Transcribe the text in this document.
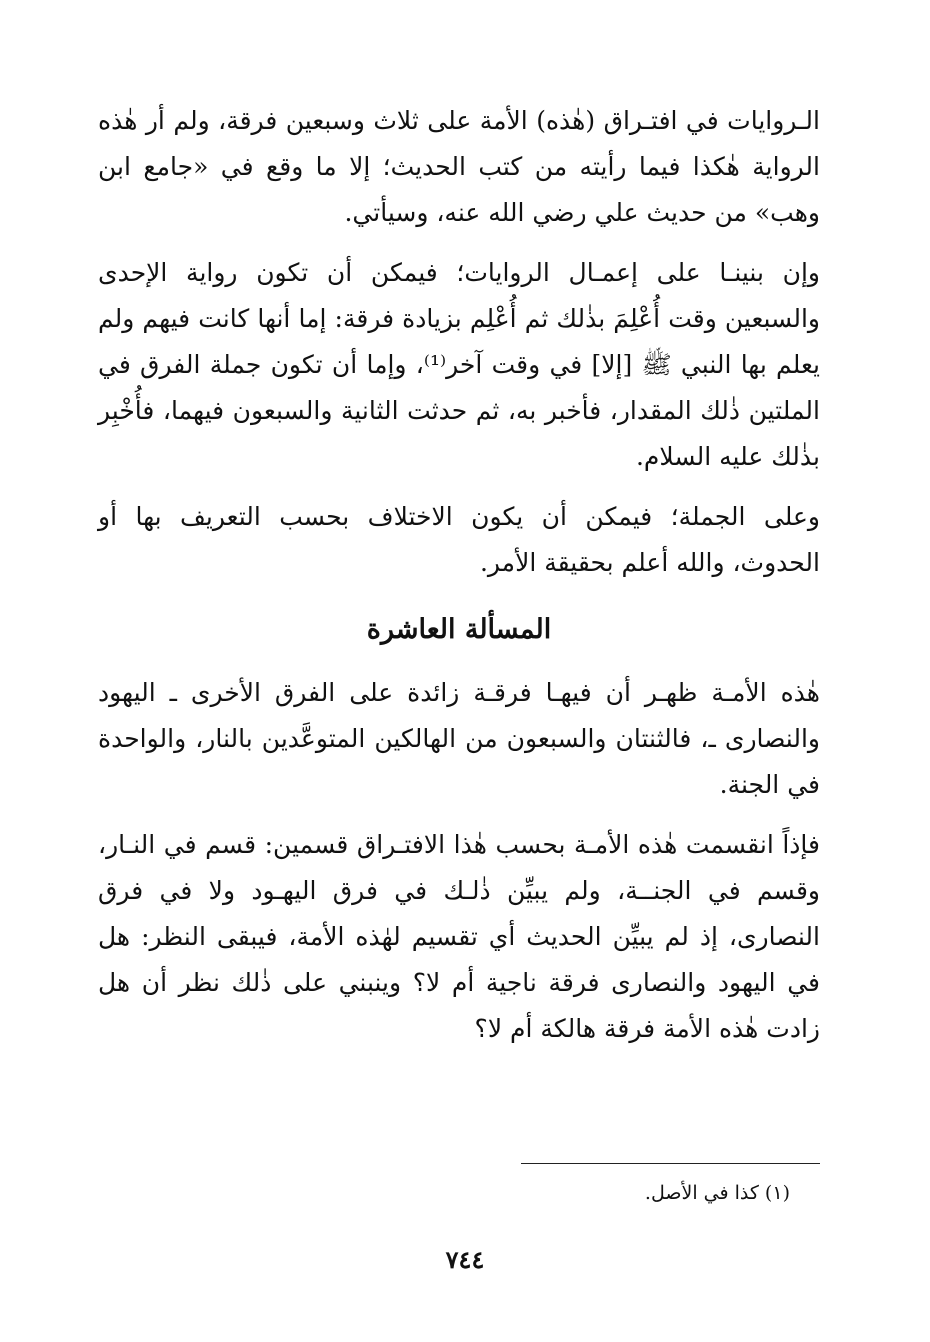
الـروايات في افتـراق (هٰذه) الأمة على ثلاث وسبعين فرقة، ولم أر هٰذه الرواية هٰكذا فيما رأيته من كتب الحديث؛ إلا ما وقع في «جامع ابن وهب» من حديث علي رضي الله عنه، وسيأتي.

وإن بنينـا على إعمـال الروايات؛ فيمكن أن تكون رواية الإحدى والسبعين وقت أُعْلِمَ بذٰلك ثم أُعْلِم بزيادة فرقة: إما أنها كانت فيهم ولم يعلم بها النبي ﷺ [إلا] في وقت آخر⁽¹⁾، وإما أن تكون جملة الفرق في الملتين ذٰلك المقدار، فأخبر به، ثم حدثت الثانية والسبعون فيهما، فأُخْبِر بذٰلك عليه السلام.

وعلى الجملة؛ فيمكن أن يكون الاختلاف بحسب التعريف بها أو الحدوث، والله أعلم بحقيقة الأمر.

المسألة العاشرة

هٰذه الأمـة ظهـر أن فيهـا فرقـة زائدة على الفرق الأخرى ـ اليهود والنصارى ـ، فالثنتان والسبعون من الهالكين المتوعَّدين بالنار، والواحدة في الجنة.

فإذاً انقسمت هٰذه الأمـة بحسب هٰذا الافتـراق قسمين: قسم في النـار، وقسم في الجنــة، ولم يبيِّن ذٰلـك في فرق اليهـود ولا في فرق النصارى، إذ لم يبيِّن الحديث أي تقسيم لهٰذه الأمة، فيبقى النظر: هل في اليهود والنصارى فرقة ناجية أم لا؟ وينبني على ذٰلك نظر أن هل زادت هٰذه الأمة فرقة هالكة أم لا؟

(١) كذا في الأصل.

٧٤٤
